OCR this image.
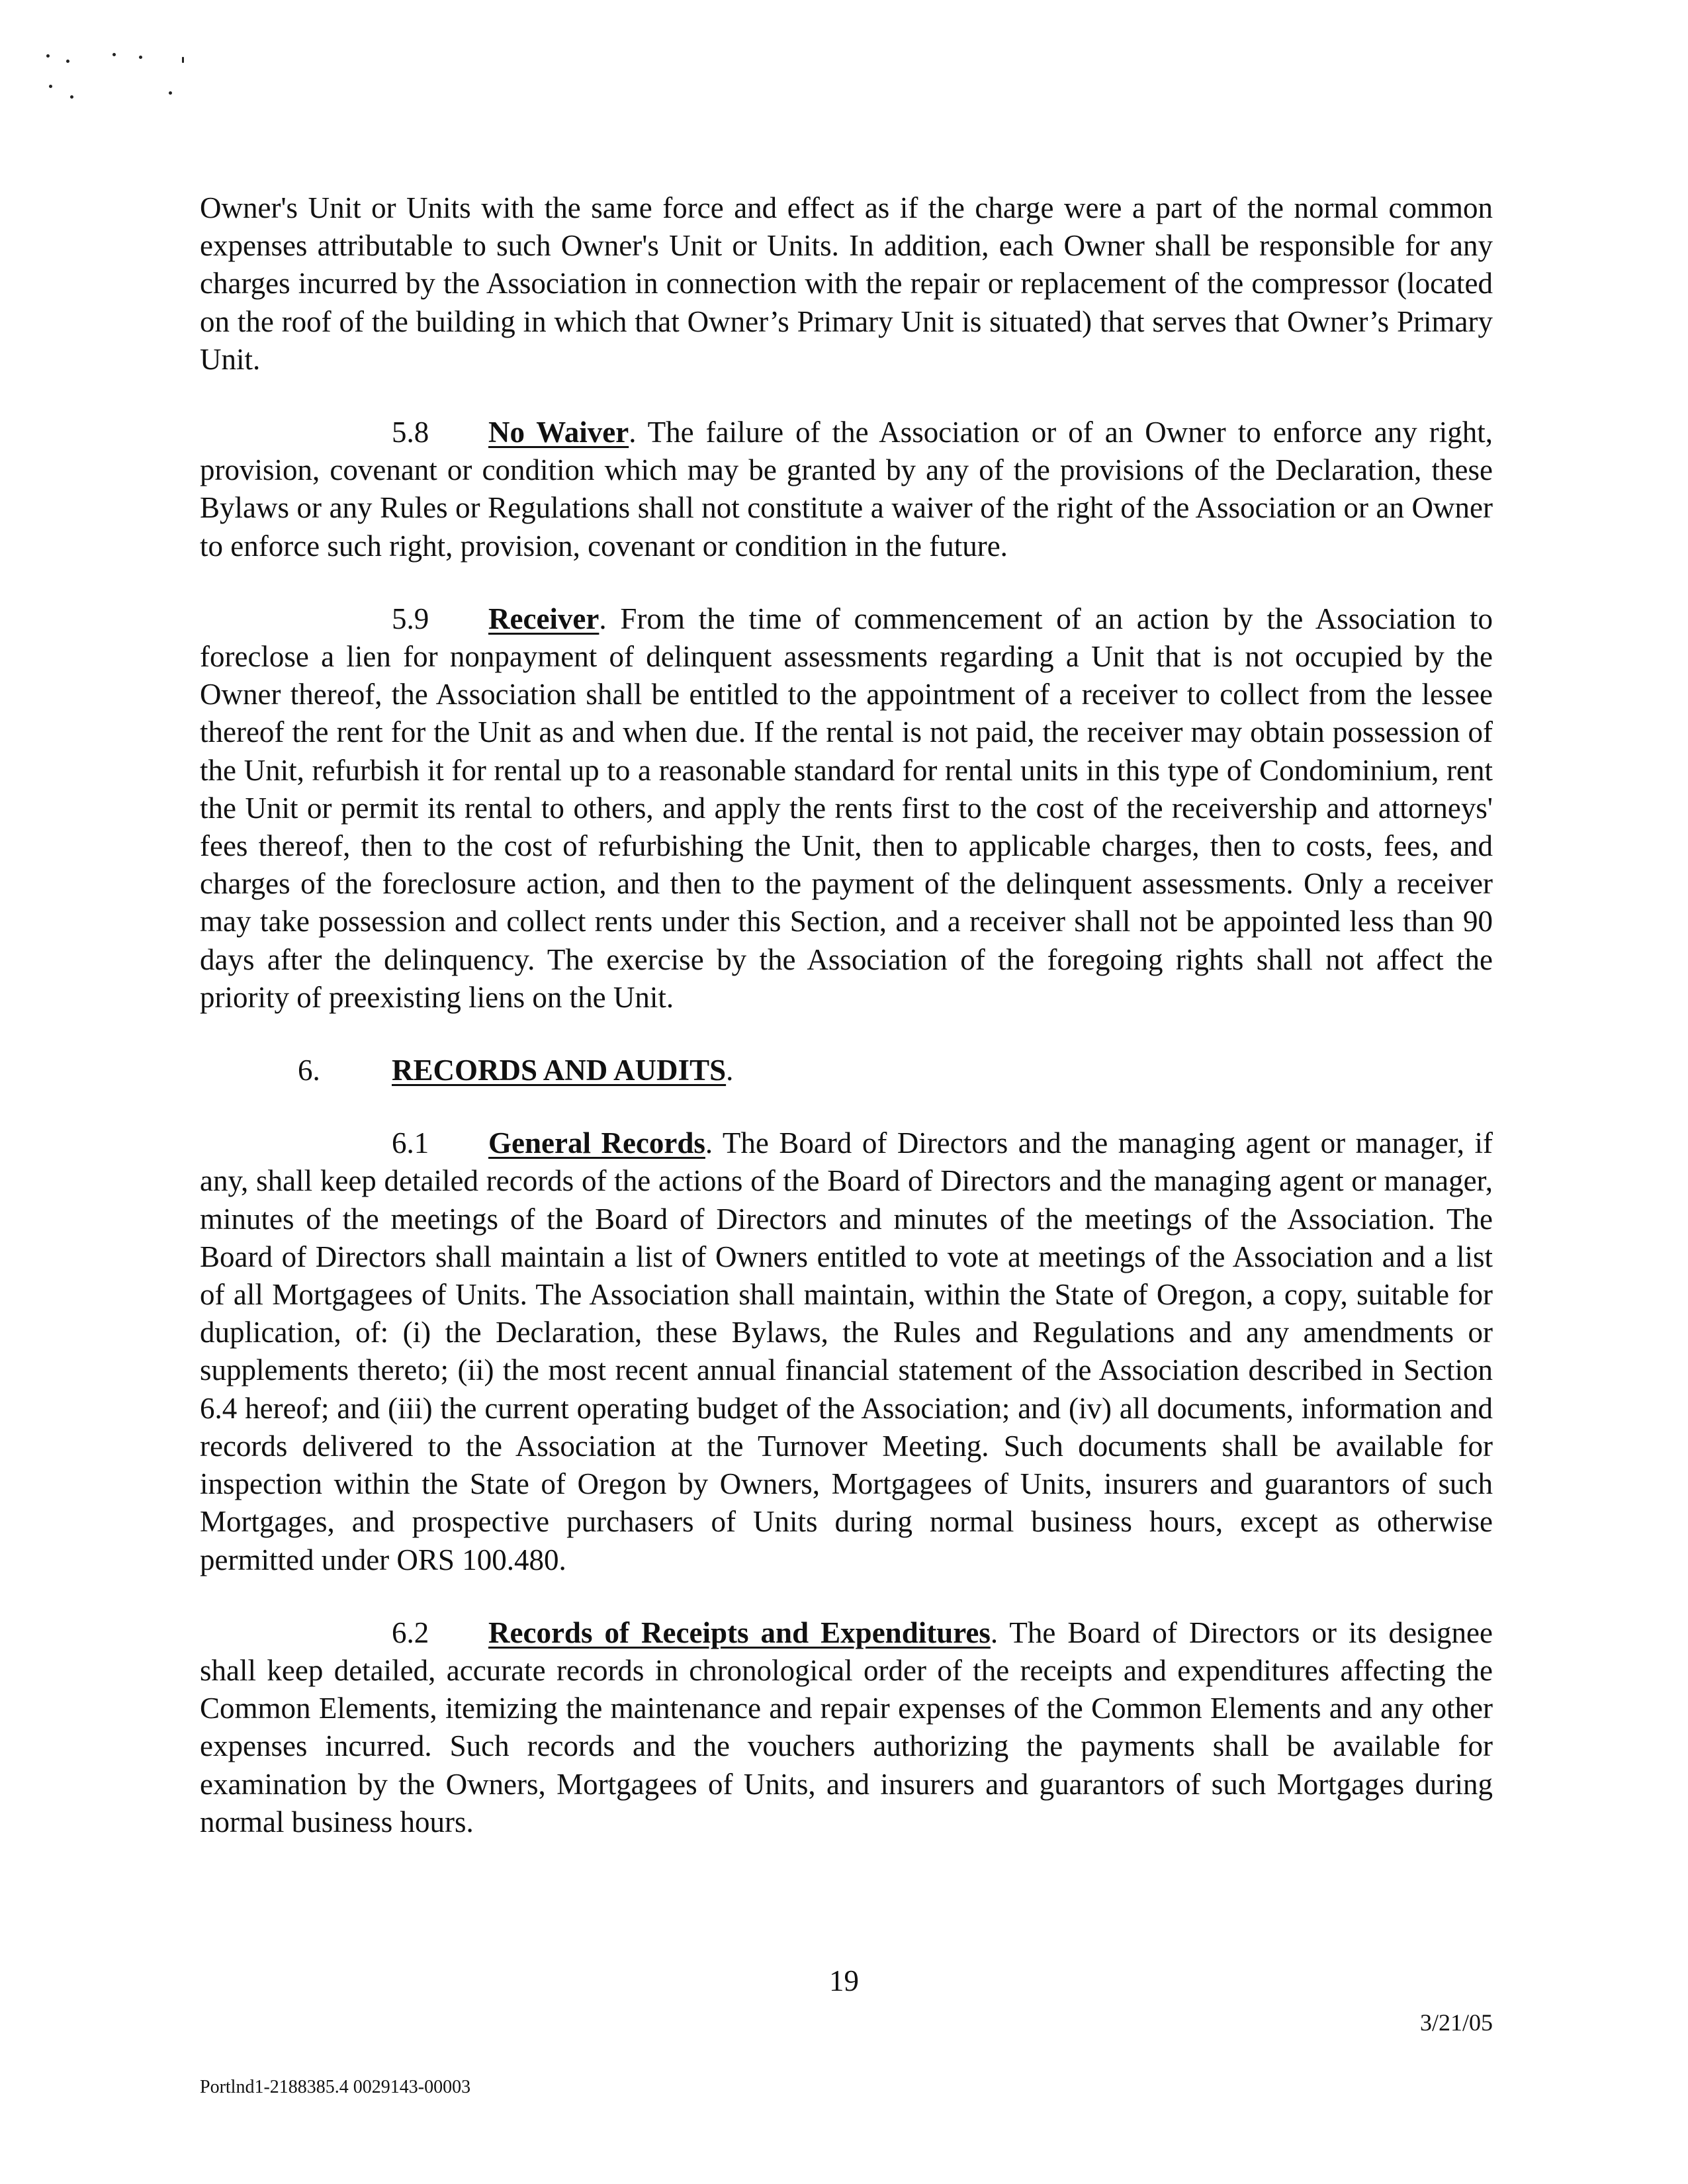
Owner's Unit or Units with the same force and effect as if the charge were a part of the normal common expenses attributable to such Owner's Unit or Units. In addition, each Owner shall be responsible for any charges incurred by the Association in connection with the repair or replacement of the compressor (located on the roof of the building in which that Owner’s Primary Unit is situated) that serves that Owner’s Primary Unit.

5.8 No Waiver. The failure of the Association or of an Owner to enforce any right, provision, covenant or condition which may be granted by any of the provisions of the Declaration, these Bylaws or any Rules or Regulations shall not constitute a waiver of the right of the Association or an Owner to enforce such right, provision, covenant or condition in the future.

5.9 Receiver. From the time of commencement of an action by the Association to foreclose a lien for nonpayment of delinquent assessments regarding a Unit that is not occupied by the Owner thereof, the Association shall be entitled to the appointment of a receiver to collect from the lessee thereof the rent for the Unit as and when due. If the rental is not paid, the receiver may obtain possession of the Unit, refurbish it for rental up to a reasonable standard for rental units in this type of Condominium, rent the Unit or permit its rental to others, and apply the rents first to the cost of the receivership and attorneys' fees thereof, then to the cost of refurbishing the Unit, then to applicable charges, then to costs, fees, and charges of the foreclosure action, and then to the payment of the delinquent assessments. Only a receiver may take possession and collect rents under this Section, and a receiver shall not be appointed less than 90 days after the delinquency. The exercise by the Association of the foregoing rights shall not affect the priority of preexisting liens on the Unit.

6. RECORDS AND AUDITS.

6.1 General Records. The Board of Directors and the managing agent or manager, if any, shall keep detailed records of the actions of the Board of Directors and the managing agent or manager, minutes of the meetings of the Board of Directors and minutes of the meetings of the Association. The Board of Directors shall maintain a list of Owners entitled to vote at meetings of the Association and a list of all Mortgagees of Units. The Association shall maintain, within the State of Oregon, a copy, suitable for duplication, of: (i) the Declaration, these Bylaws, the Rules and Regulations and any amendments or supplements thereto; (ii) the most recent annual financial statement of the Association described in Section 6.4 hereof; and (iii) the current operating budget of the Association; and (iv) all documents, information and records delivered to the Association at the Turnover Meeting. Such documents shall be available for inspection within the State of Oregon by Owners, Mortgagees of Units, insurers and guarantors of such Mortgages, and prospective purchasers of Units during normal business hours, except as otherwise permitted under ORS 100.480.

6.2 Records of Receipts and Expenditures. The Board of Directors or its designee shall keep detailed, accurate records in chronological order of the receipts and expenditures affecting the Common Elements, itemizing the maintenance and repair expenses of the Common Elements and any other expenses incurred. Such records and the vouchers authorizing the payments shall be available for examination by the Owners, Mortgagees of Units, and insurers and guarantors of such Mortgages during normal business hours.

19
3/21/05
Portlnd1-2188385.4 0029143-00003
